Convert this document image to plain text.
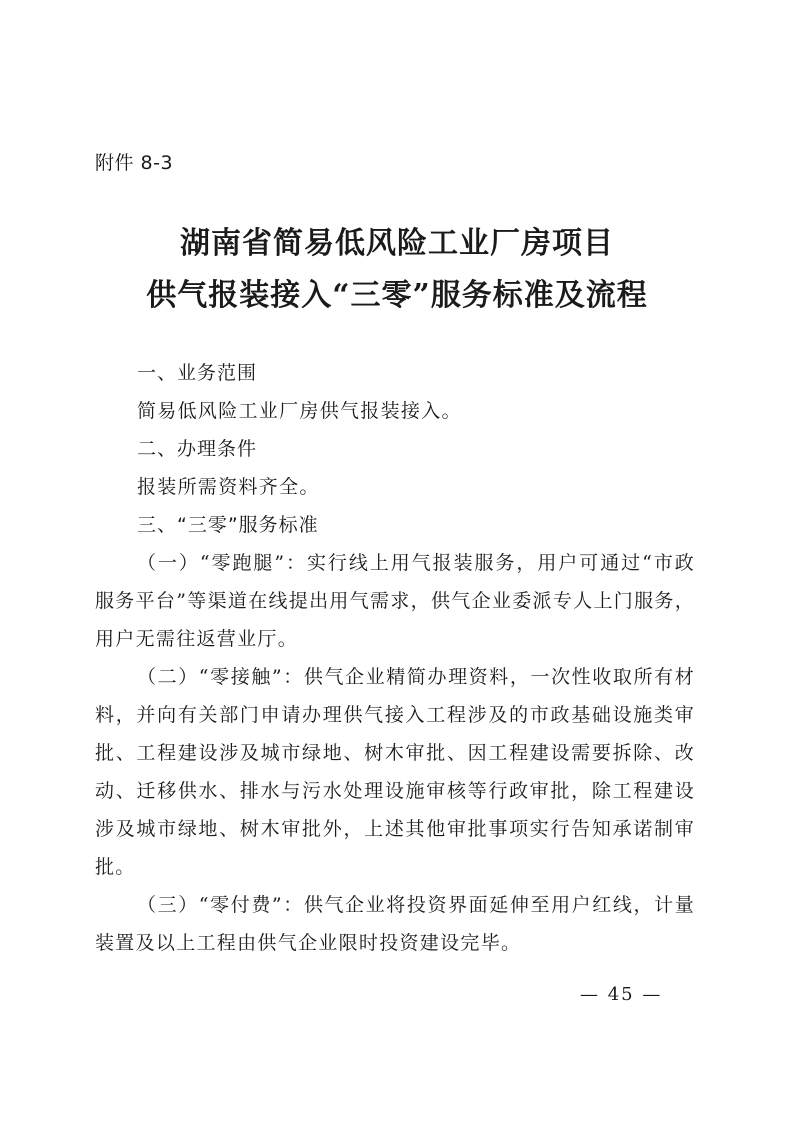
附件 8-3
湖南省简易低风险工业厂房项目
供气报装接入“三零”服务标准及流程

一、业务范围

简易低风险工业厂房供气报装接入。

二、办理条件

报装所需资料齐全。

三、“三零”服务标准

（一）“零跑腿”：实行线上用气报装服务，用户可通过“市政服务平台”等渠道在线提出用气需求，供气企业委派专人上门服务，用户无需往返营业厅。

（二）“零接触”：供气企业精简办理资料，一次性收取所有材料，并向有关部门申请办理供气接入工程涉及的市政基础设施类审批、工程建设涉及城市绿地、树木审批、因工程建设需要拆除、改动、迁移供水、排水与污水处理设施审核等行政审批，除工程建设涉及城市绿地、树木审批外，上述其他审批事项实行告知承诺制审批。

（三）“零付费”：供气企业将投资界面延伸至用户红线，计量装置及以上工程由供气企业限时投资建设完毕。

— 45 —
